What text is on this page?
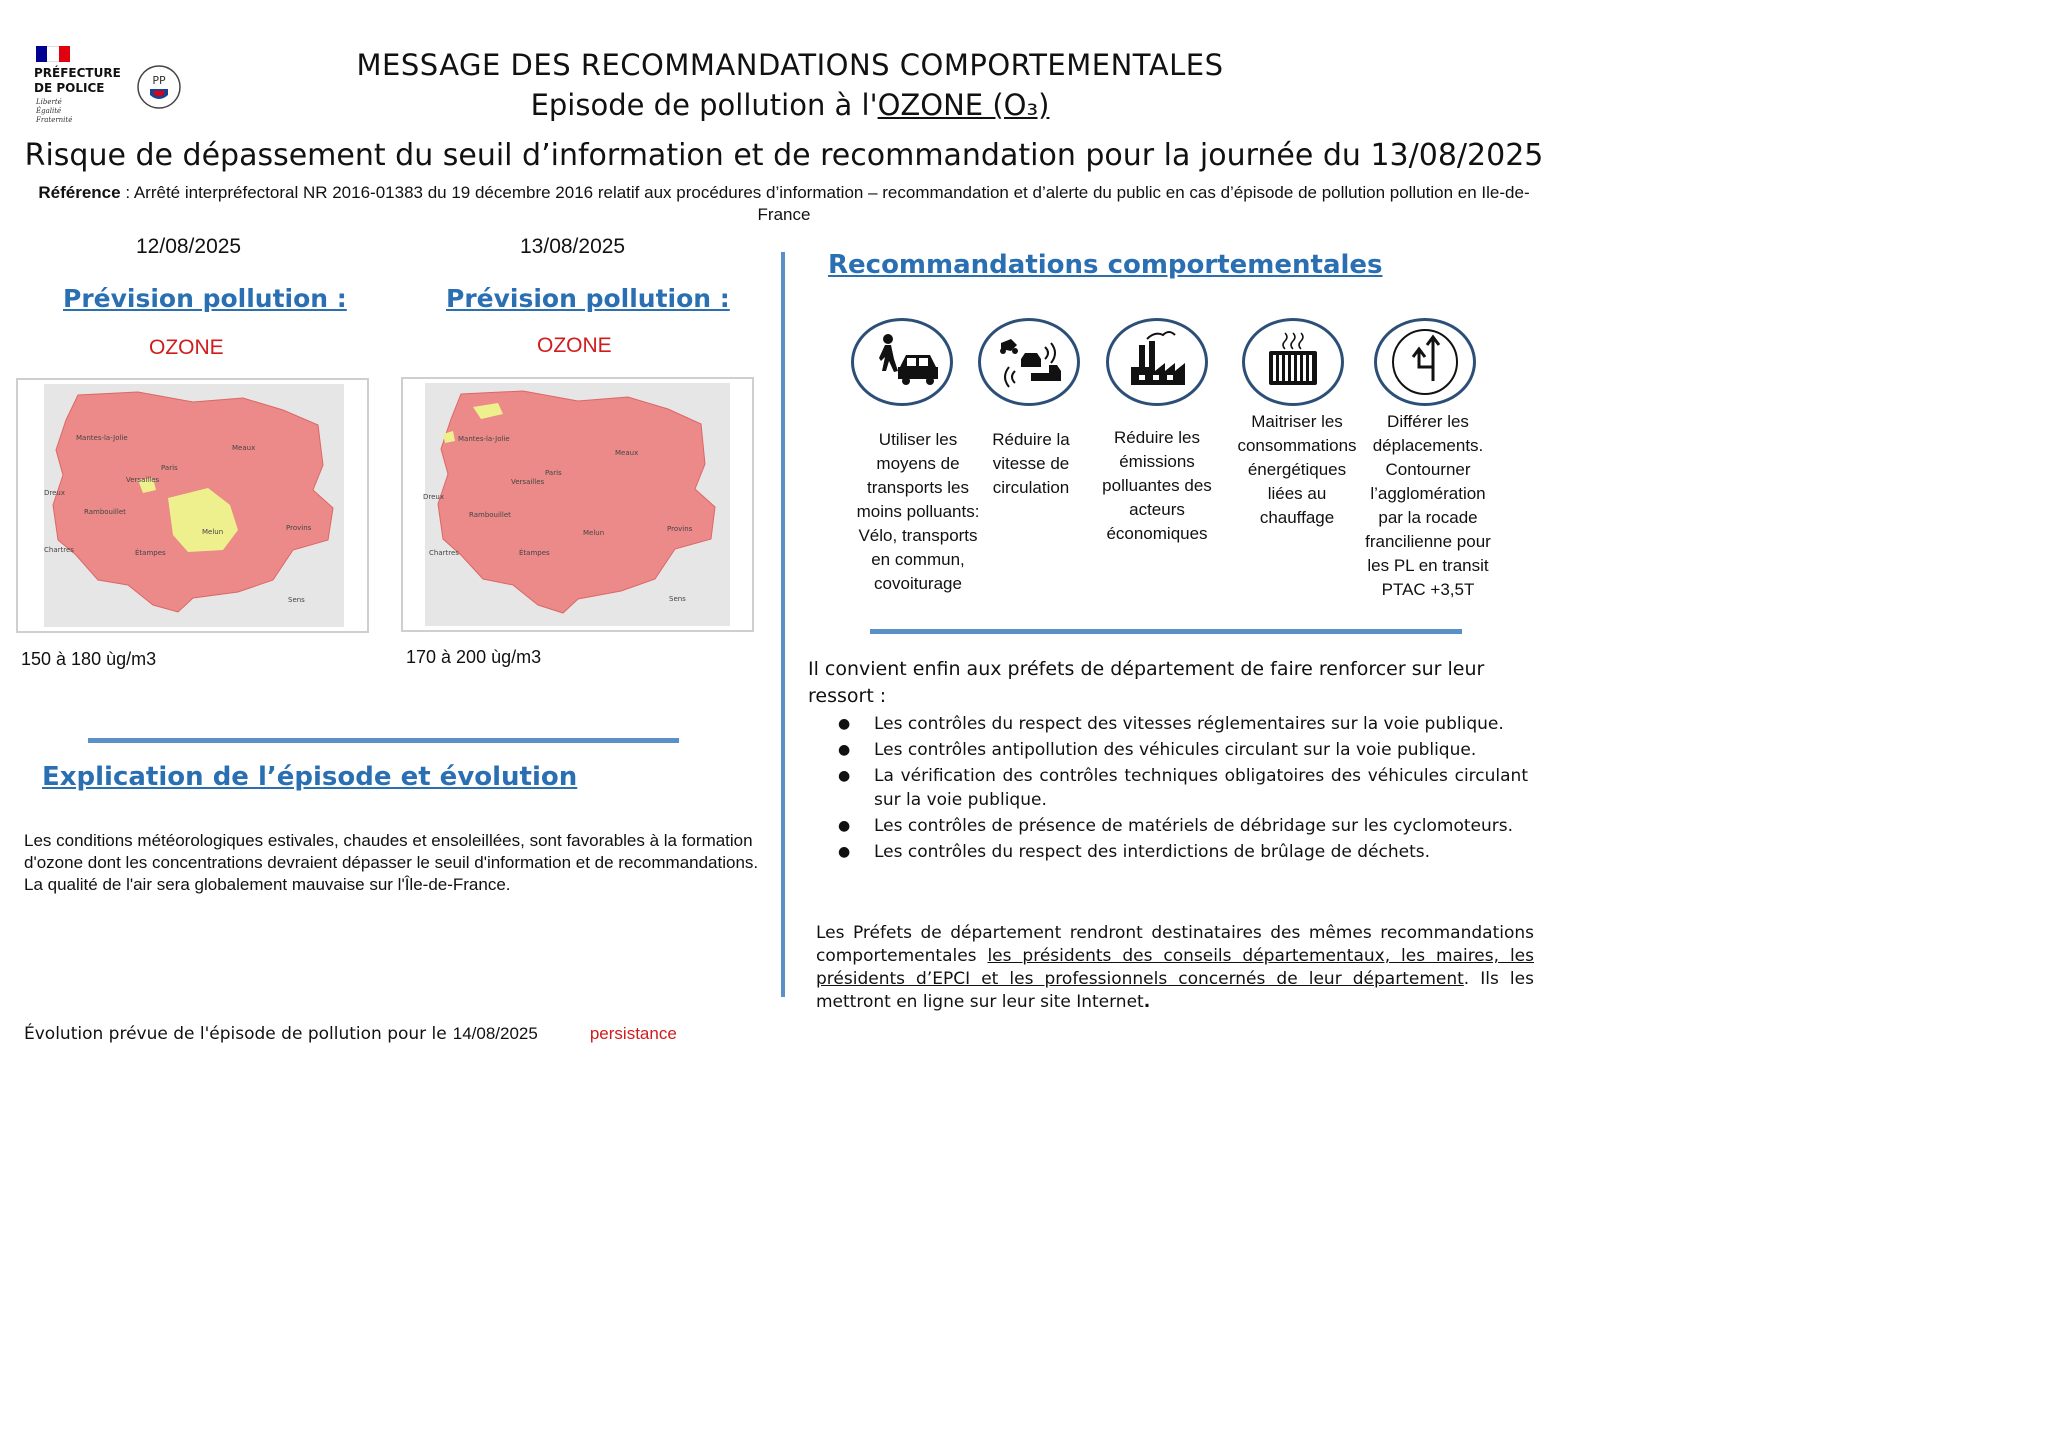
PRÉFECTURE
DE POLICE
Liberté
Égalité
Fraternité
PP	MESSAGE DES RECOMMANDATIONS COMPORTEMENTALES
Episode de pollution à l'OZONE (O₃)
Risque de dépassement du seuil d’information et de recommandation pour la journée du 13/08/2025
Référence : Arrêté interpréfectoral NR 2016-01383 du 19 décembre 2016 relatif aux procédures d’information – recommandation et d’alerte du public en cas d’épisode de pollution pollution en Ile-de-France
12/08/2025	13/08/2025
Prévision pollution :	Prévision pollution :
OZONE	OZONE
Mantes-la-Jolie
Versailles
Paris
Meaux
Rambouillet
Melun	Provins
Chartres	Étampes
Sens
Dreux
Mantes-la-Jolie
Versailles
Paris
Meaux
Rambouillet
Melun	Provins
Chartres	Étampes
Sens
Dreux
150 à 180 ùg/m3	170 à 200 ùg/m3
Explication de l’épisode et évolution
Les conditions météorologiques estivales, chaudes et ensoleillées, sont favorables à la formation d'ozone dont les concentrations devraient dépasser le seuil d'information et de recommandations. La qualité de l'air sera globalement mauvaise sur l'Île-de-France.
Évolution prévue de l'épisode de pollution pour le 14/08/2025	persistance
Recommandations comportementales
Utiliser les moyens de transports les moins polluants: Vélo, transports en commun, covoiturage
Réduire la vitesse de circulation
Réduire les émissions polluantes des acteurs économiques
Maitriser les consommations énergétiques liées au chauffage
Différer les déplacements. Contourner l’agglomération par la rocade francilienne pour les PL en transit PTAC +3,5T
Il convient enfin aux préfets de département de faire renforcer sur leur ressort :
● Les contrôles du respect des vitesses réglementaires sur la voie publique.
● Les contrôles antipollution des véhicules circulant sur la voie publique.
● La vérification des contrôles techniques obligatoires des véhicules circulant sur la voie publique.
● Les contrôles de présence de matériels de débridage sur les cyclomoteurs.
● Les contrôles du respect des interdictions de brûlage de déchets.
Les Préfets de département rendront destinataires des mêmes recommandations comportementales les présidents des conseils départementaux, les maires, les présidents d’EPCI et les professionnels concernés de leur département. Ils les mettront en ligne sur leur site Internet.
